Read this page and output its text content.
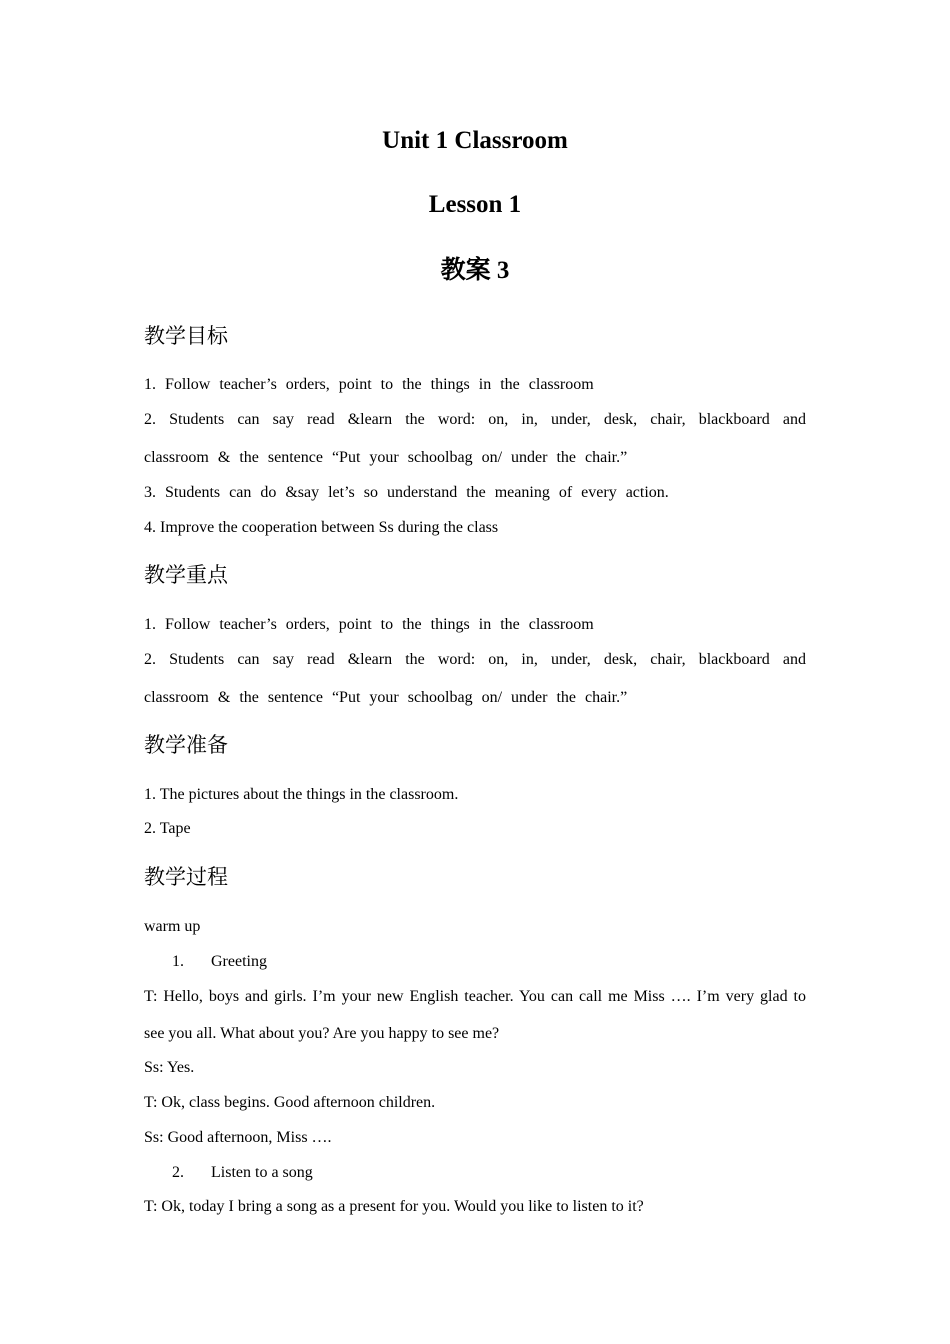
Unit 1 Classroom
Lesson 1
教案 3
教学目标
1. Follow teacher’s orders, point to the things in the classroom
2. Students can say read &learn the word: on, in, under, desk, chair, blackboard and
classroom & the sentence “Put your schoolbag on/ under the chair.”
3. Students can do &say let’s so understand the meaning of every action.
4. Improve the cooperation between Ss during the class
教学重点
1. Follow teacher’s orders, point to the things in the classroom
2. Students can say read &learn the word: on, in, under, desk, chair, blackboard and
classroom & the sentence “Put your schoolbag on/ under the chair.”
教学准备
1. The pictures about the things in the classroom.
2. Tape
教学过程
warm up
1. Greeting
T: Hello, boys and girls. I’m your new English teacher. You can call me Miss …. I’m very glad to
see you all. What about you? Are you happy to see me?
Ss: Yes.
T: Ok, class begins. Good afternoon children.
Ss: Good afternoon, Miss ….
2. Listen to a song
T: Ok, today I bring a song as a present for you. Would you like to listen to it?
